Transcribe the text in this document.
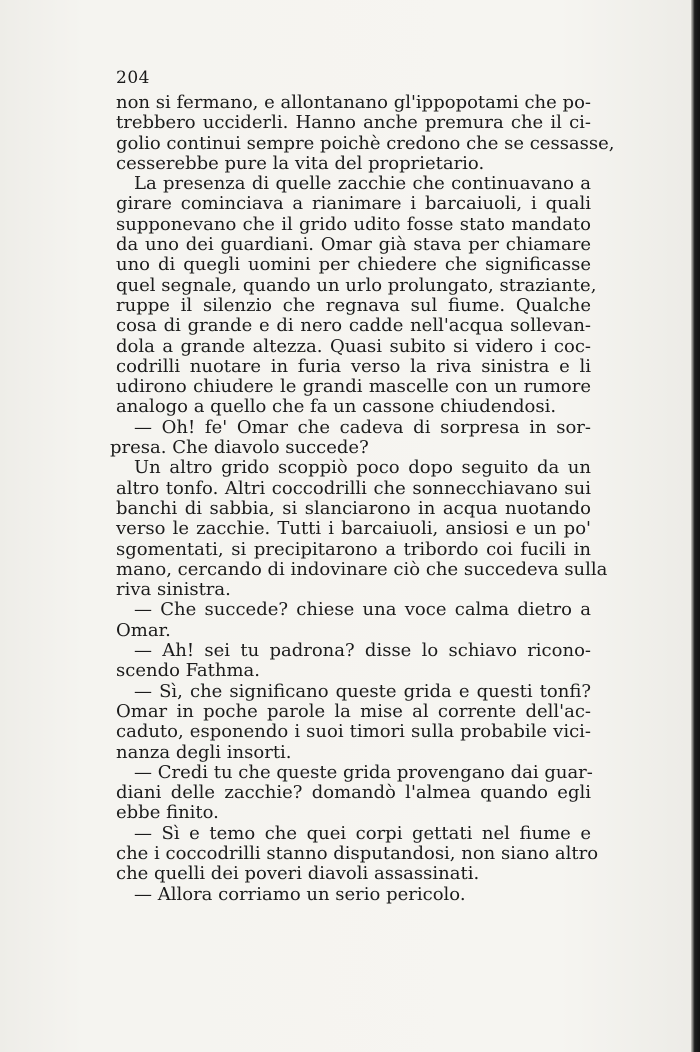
204
non si fermano, e allontanano gl'ippopotami che po-
trebbero ucciderli. Hanno anche premura che il ci-
golio continui sempre poichè credono che se cessasse,
cesserebbe pure la vita del proprietario.
La presenza di quelle zacchie che continuavano a
girare cominciava a rianimare i barcaiuoli, i quali
supponevano che il grido udito fosse stato mandato
da uno dei guardiani. Omar già stava per chiamare
uno di quegli uomini per chiedere che significasse
quel segnale, quando un urlo prolungato, straziante,
ruppe il silenzio che regnava sul fiume. Qualche
cosa di grande e di nero cadde nell'acqua sollevan-
dola a grande altezza. Quasi subito si videro i coc-
codrilli nuotare in furia verso la riva sinistra e li
udirono chiudere le grandi mascelle con un rumore
analogo a quello che fa un cassone chiudendosi.
— Oh! fe' Omar che cadeva di sorpresa in sor-
presa. Che diavolo succede?
Un altro grido scoppiò poco dopo seguito da un
altro tonfo. Altri coccodrilli che sonnecchiavano sui
banchi di sabbia, si slanciarono in acqua nuotando
verso le zacchie. Tutti i barcaiuoli, ansiosi e un po'
sgomentati, si precipitarono a tribordo coi fucili in
mano, cercando di indovinare ciò che succedeva sulla
riva sinistra.
— Che succede? chiese una voce calma dietro a
Omar.
— Ah! sei tu padrona? disse lo schiavo ricono-
scendo Fathma.
— Sì, che significano queste grida e questi tonfi?
Omar in poche parole la mise al corrente dell'ac-
caduto, esponendo i suoi timori sulla probabile vici-
nanza degli insorti.
— Credi tu che queste grida provengano dai guar-
diani delle zacchie? domandò l'almea quando egli
ebbe finito.
— Sì e temo che quei corpi gettati nel fiume e
che i coccodrilli stanno disputandosi, non siano altro
che quelli dei poveri diavoli assassinati.
— Allora corriamo un serio pericolo.
